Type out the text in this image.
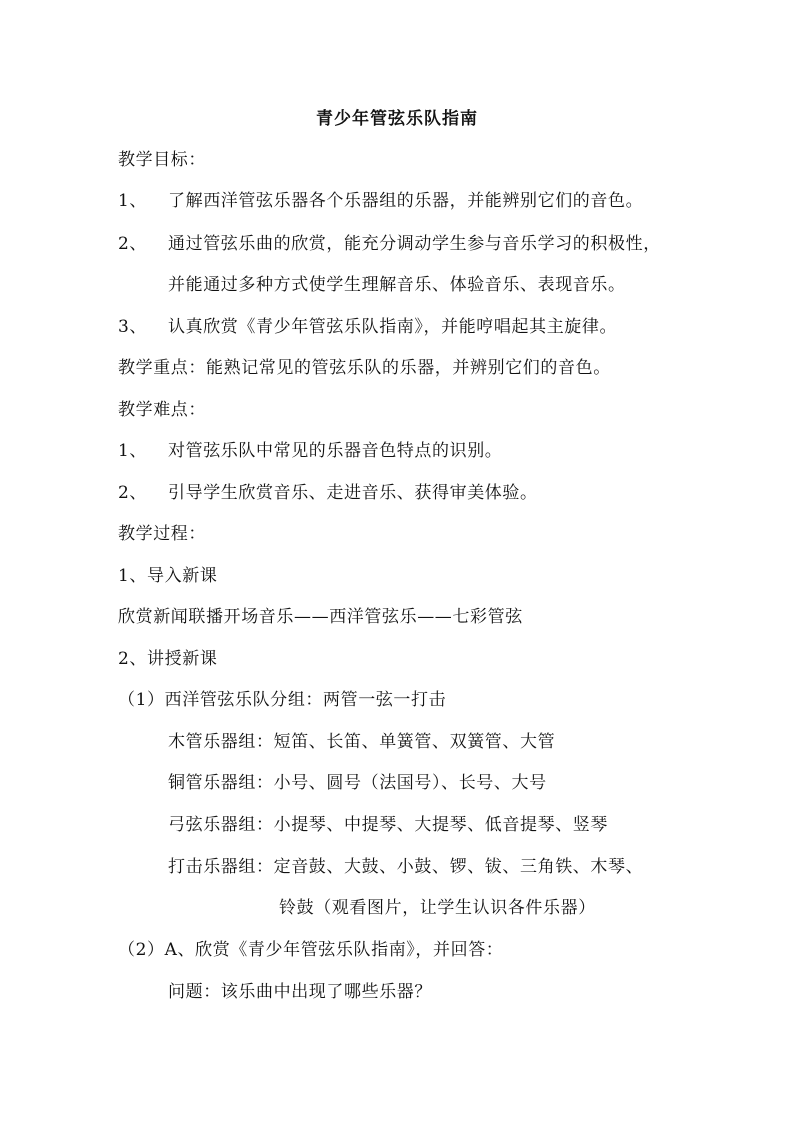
青少年管弦乐队指南
教学目标：
1、 了解西洋管弦乐器各个乐器组的乐器，并能辨别它们的音色。
2、 通过管弦乐曲的欣赏，能充分调动学生参与音乐学习的积极性，
并能通过多种方式使学生理解音乐、体验音乐、表现音乐。
3、 认真欣赏《青少年管弦乐队指南》，并能哼唱起其主旋律。
教学重点：能熟记常见的管弦乐队的乐器，并辨别它们的音色。
教学难点：
1、 对管弦乐队中常见的乐器音色特点的识别。
2、 引导学生欣赏音乐、走进音乐、获得审美体验。
教学过程：
1、导入新课
欣赏新闻联播开场音乐——西洋管弦乐——七彩管弦
2、讲授新课
（1）西洋管弦乐队分组：两管一弦一打击
木管乐器组：短笛、长笛、单簧管、双簧管、大管
铜管乐器组：小号、圆号（法国号）、长号、大号
弓弦乐器组：小提琴、中提琴、大提琴、低音提琴、竖琴
打击乐器组：定音鼓、大鼓、小鼓、锣、钹、三角铁、木琴、
铃鼓（观看图片，让学生认识各件乐器）
（2）A、欣赏《青少年管弦乐队指南》，并回答：
问题：该乐曲中出现了哪些乐器？
